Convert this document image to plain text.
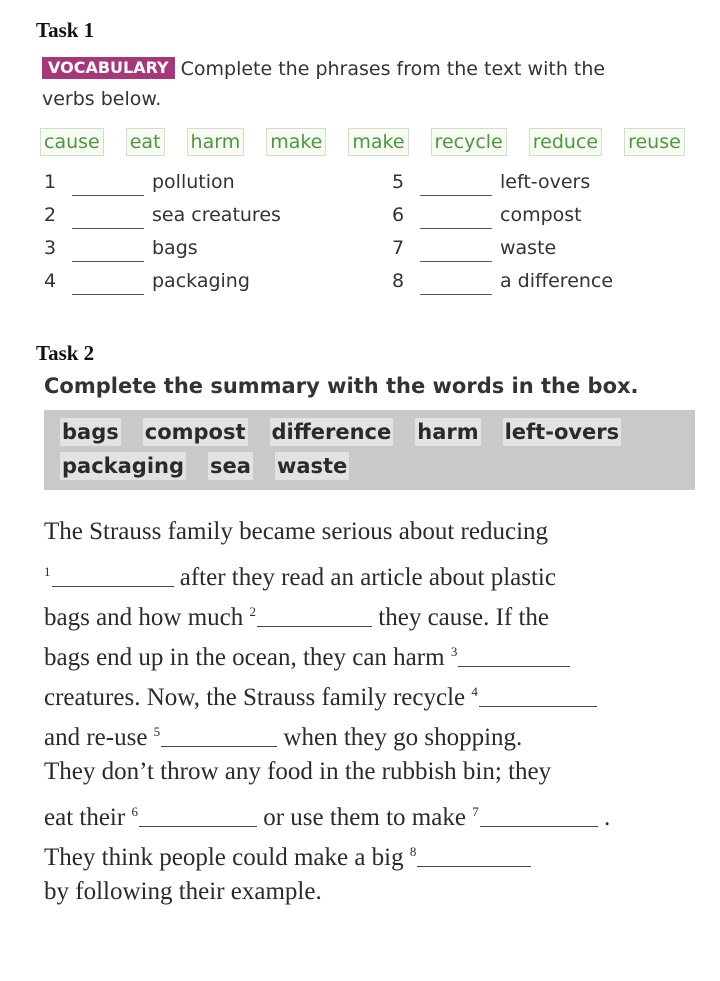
Task 1
VOCABULARY Complete the phrases from the text with the
verbs below.
cause eat harm make make recycle reduce reuse
1	pollution
2	sea creatures
3	bags
4	packaging
5	left-overs
6	compost
7	waste
8	a difference
Task 2
Complete the summary with the words in the box.
bags compost difference harm left-overs
packaging sea waste
The Strauss family became serious about reducing
$^1$	after they read an article about plastic
bags and how much $^2$	they cause. If the
bags end up in the ocean, they can harm $^3$
creatures. Now, the Strauss family recycle $^4$
and re-use $^5$	when they go shopping.
They don’t throw any food in the rubbish bin; they
eat their $^6$	or use them to make $^7$	.
They think people could make a big $^8$
by following their example.
